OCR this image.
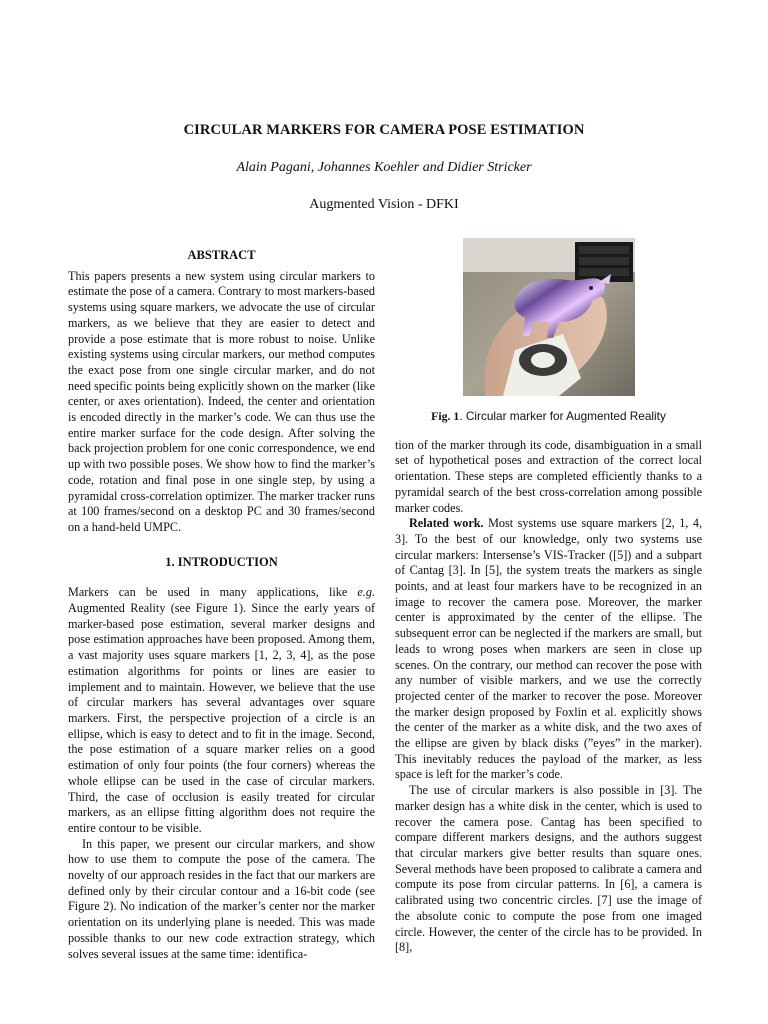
CIRCULAR MARKERS FOR CAMERA POSE ESTIMATION
Alain Pagani, Johannes Koehler and Didier Stricker
Augmented Vision - DFKI
ABSTRACT

This papers presents a new system using circular markers to estimate the pose of a camera. Contrary to most markers-based systems using square markers, we advocate the use of circular markers, as we believe that they are easier to detect and provide a pose estimate that is more robust to noise. Unlike existing systems using circular markers, our method computes the exact pose from one single circular marker, and do not need specific points being explicitly shown on the marker (like center, or axes orientation). Indeed, the center and orientation is encoded directly in the marker’s code. We can thus use the entire marker surface for the code design. After solving the back projection problem for one conic correspondence, we end up with two possible poses. We show how to find the marker’s code, rotation and final pose in one single step, by using a pyramidal cross-correlation optimizer. The marker tracker runs at 100 frames/second on a desktop PC and 30 frames/second on a hand-held UMPC.

1. INTRODUCTION

Markers can be used in many applications, like e.g. Augmented Reality (see Figure 1). Since the early years of marker-based pose estimation, several marker designs and pose estimation approaches have been proposed. Among them, a vast majority uses square markers [1, 2, 3, 4], as the pose estimation algorithms for points or lines are easier to implement and to maintain. However, we believe that the use of circular markers has several advantages over square markers. First, the perspective projection of a circle is an ellipse, which is easy to detect and to fit in the image. Second, the pose estimation of a square marker relies on a good estimation of only four points (the four corners) whereas the whole ellipse can be used in the case of circular markers. Third, the case of occlusion is easily treated for circular markers, as an ellipse fitting algorithm does not require the entire contour to be visible.

In this paper, we present our circular markers, and show how to use them to compute the pose of the camera. The novelty of our approach resides in the fact that our markers are defined only by their circular contour and a 16-bit code (see Figure 2). No indication of the marker’s center nor the marker orientation on its underlying plane is needed. This was made possible thanks to our new code extraction strategy, which solves several issues at the same time: identifica-

Fig. 1. Circular marker for Augmented Reality

tion of the marker through its code, disambiguation in a small set of hypothetical poses and extraction of the correct local orientation. These steps are completed efficiently thanks to a pyramidal search of the best cross-correlation among possible marker codes.

Related work. Most systems use square markers [2, 1, 4, 3]. To the best of our knowledge, only two systems use circular markers: Intersense’s VIS-Tracker ([5]) and a subpart of Cantag [3]. In [5], the system treats the markers as single points, and at least four markers have to be recognized in an image to recover the camera pose. Moreover, the marker center is approximated by the center of the ellipse. The subsequent error can be neglected if the markers are small, but leads to wrong poses when markers are seen in close up scenes. On the contrary, our method can recover the pose with any number of visible markers, and we use the correctly projected center of the marker to recover the pose. Moreover the marker design proposed by Foxlin et al. explicitly shows the center of the marker as a white disk, and the two axes of the ellipse are given by black disks (”eyes” in the marker). This inevitably reduces the payload of the marker, as less space is left for the marker’s code.

The use of circular markers is also possible in [3]. The marker design has a white disk in the center, which is used to recover the camera pose. Cantag has been specified to compare different markers designs, and the authors suggest that circular markers give better results than square ones. Several methods have been proposed to calibrate a camera and compute its pose from circular patterns. In [6], a camera is calibrated using two concentric circles. [7] use the image of the absolute conic to compute the pose from one imaged circle. However, the center of the circle has to be provided. In [8],
